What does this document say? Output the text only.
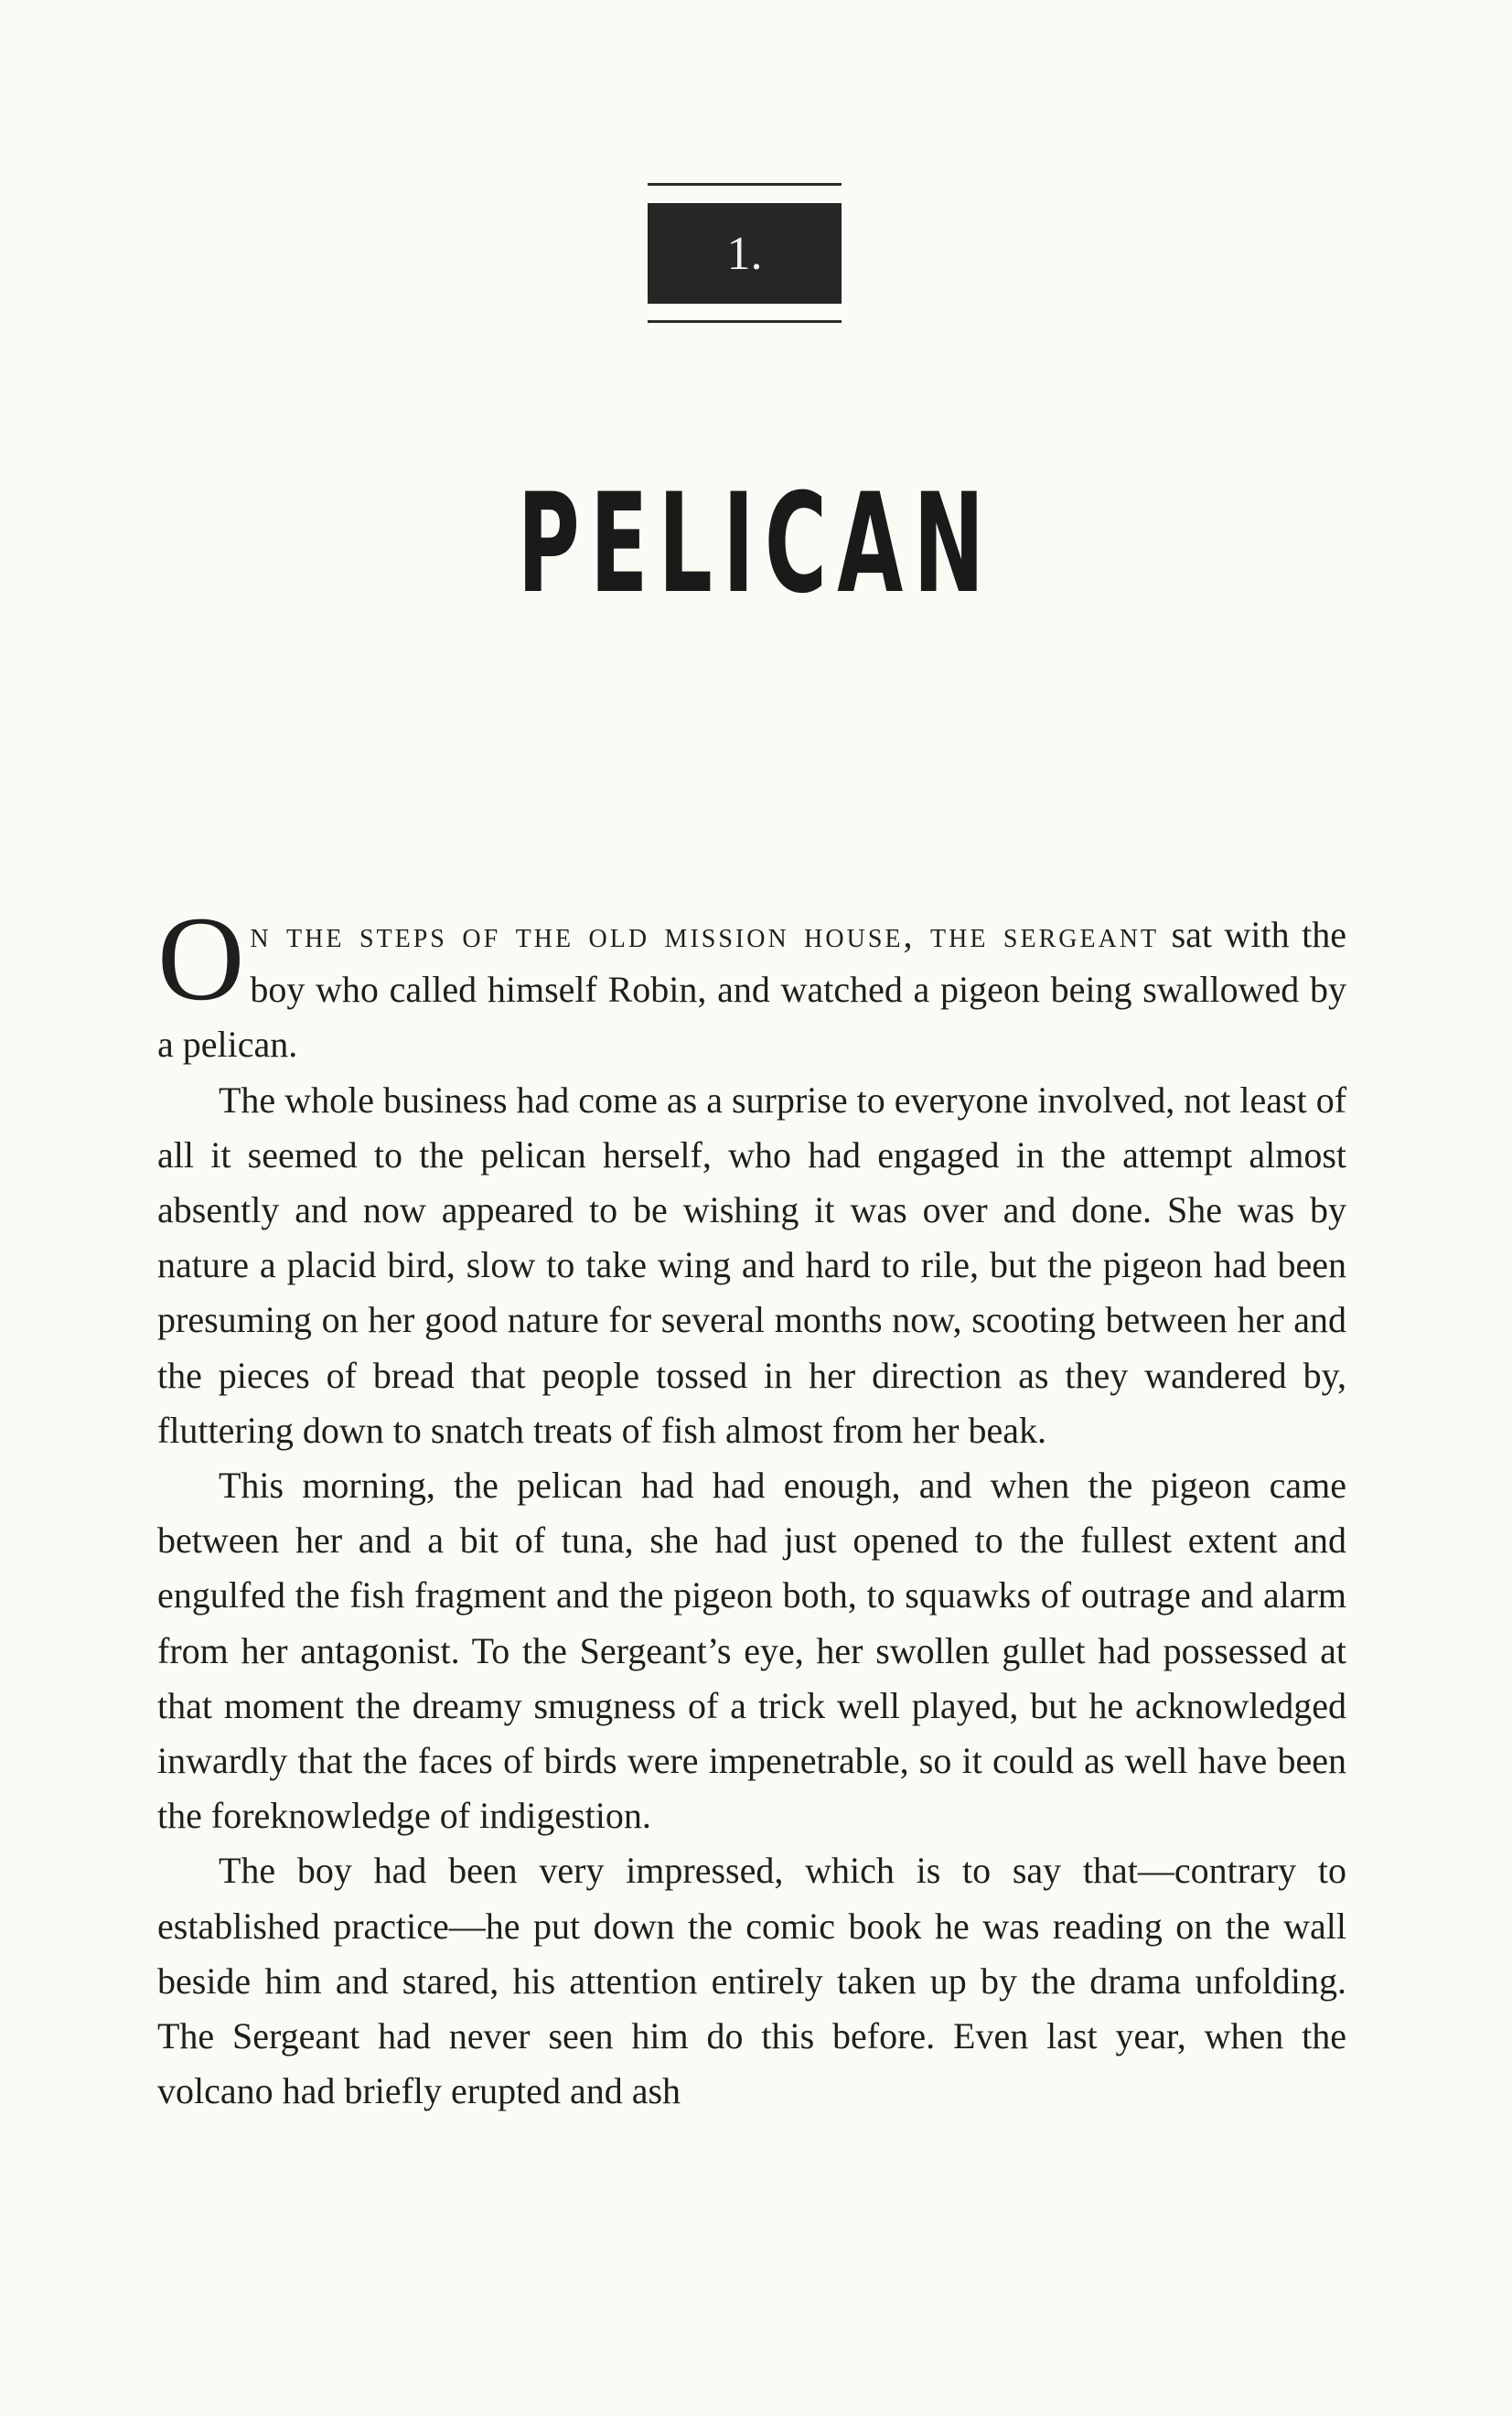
1.
PELICAN

On the steps of the old mission house, the sergeant sat with the boy who called himself Robin, and watched a pigeon being swallowed by a pelican.

The whole business had come as a surprise to everyone involved, not least of all it seemed to the pelican herself, who had engaged in the attempt almost absently and now appeared to be wishing it was over and done. She was by nature a placid bird, slow to take wing and hard to rile, but the pigeon had been presuming on her good nature for several months now, scooting between her and the pieces of bread that people tossed in her direction as they wandered by, fluttering down to snatch treats of fish almost from her beak.

This morning, the pelican had had enough, and when the pigeon came between her and a bit of tuna, she had just opened to the fullest extent and engulfed the fish fragment and the pigeon both, to squawks of outrage and alarm from her antagonist. To the Sergeant’s eye, her swollen gullet had possessed at that moment the dreamy smugness of a trick well played, but he acknowledged inwardly that the faces of birds were impenetrable, so it could as well have been the foreknowledge of indigestion.

The boy had been very impressed, which is to say that—contrary to established practice—he put down the comic book he was reading on the wall beside him and stared, his attention entirely taken up by the drama unfolding. The Sergeant had never seen him do this before. Even last year, when the volcano had briefly erupted and ash
